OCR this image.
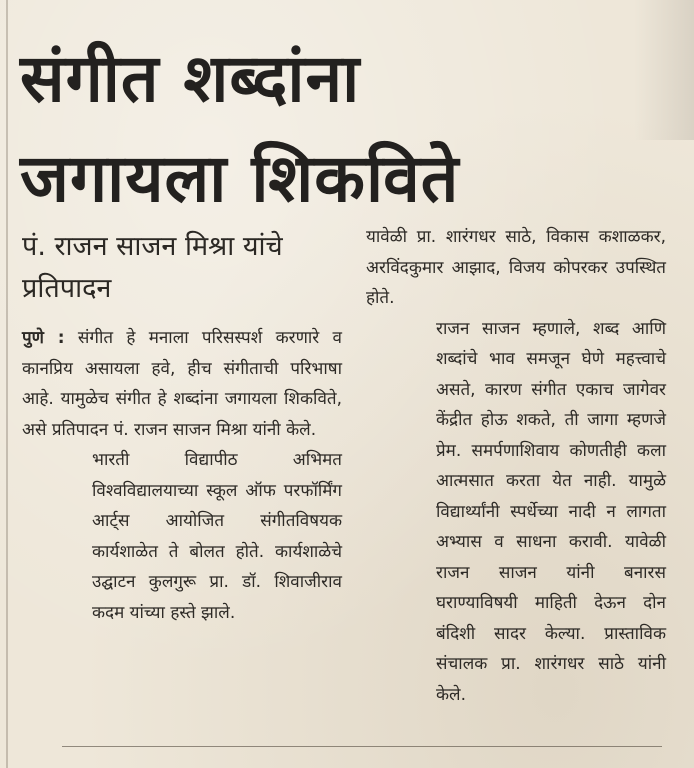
संगीत शब्दांना
जगायला शिकविते
पं. राजन साजन मिश्रा यांचे प्रतिपादन

पुणे : संगीत हे मनाला परिसस्पर्श करणारे व कानप्रिय असायला हवे, हीच संगीताची परिभाषा आहे. यामुळेच संगीत हे शब्दांना जगायला शिकविते, असे प्रतिपादन पं. राजन साजन मिश्रा यांनी केले.

भारती विद्यापीठ अभिमत विश्वविद्यालयाच्या स्कूल ऑफ परफॉर्मिंग आर्ट्स आयोजित संगीतविषयक कार्यशाळेत ते बोलत होते. कार्यशाळेचे उद्घाटन कुलगुरू प्रा. डॉ. शिवाजीराव कदम यांच्या हस्ते झाले.

यावेळी प्रा. शारंगधर साठे, विकास कशाळकर, अरविंदकुमार आझाद, विजय कोपरकर उपस्थित होते.

राजन साजन म्हणाले, शब्द आणि शब्दांचे भाव समजून घेणे महत्त्वाचे असते, कारण संगीत एकाच जागेवर केंद्रीत होऊ शकते, ती जागा म्हणजे प्रेम. समर्पणाशिवाय कोणतीही कला आत्मसात करता येत नाही. यामुळे विद्यार्थ्यांनी स्पर्धेच्या नादी न लागता अभ्यास व साधना करावी. यावेळी राजन साजन यांनी बनारस घराण्याविषयी माहिती देऊन दोन बंदिशी सादर केल्या. प्रास्ताविक संचालक प्रा. शारंगधर साठे यांनी केले.
